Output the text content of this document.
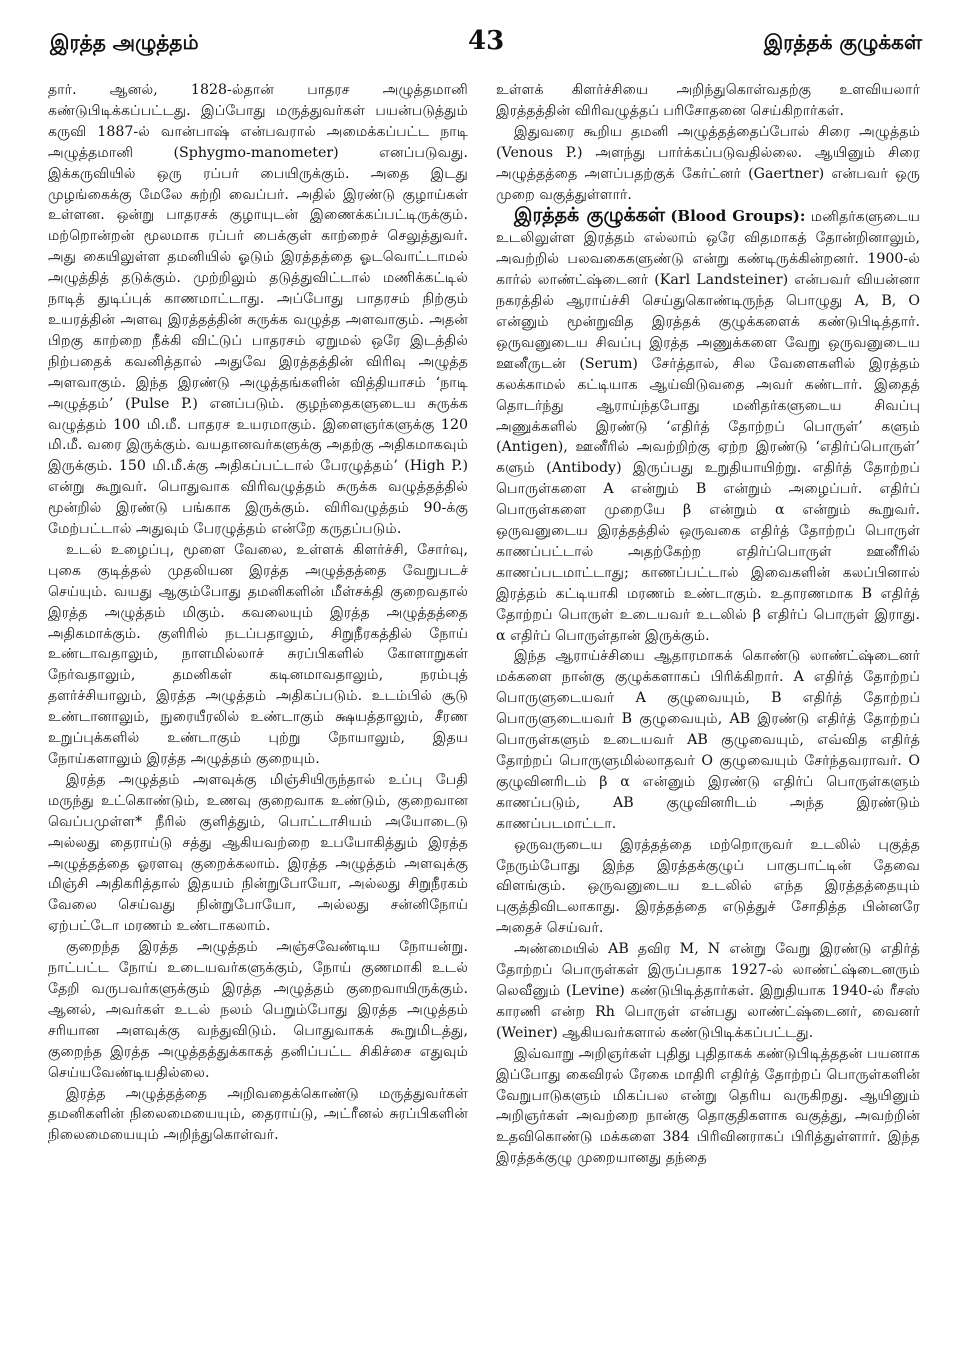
இரத்த அழுத்தம்	43	இரத்தக் குழுக்கள்

தார். ஆனல், 1828-ல்தான் பாதரச அழுத்தமானி கண்டுபிடிக்கப்பட்டது. இப்போது மருத்துவர்கள் பயன்படுத்தும் கருவி 1887-ல் வான்பாஷ் என்பவரால் அமைக்கப்பட்ட நாடி அழுத்தமானி (Sphygmo-manometer) எனப்படுவது. இக்கருவியில் ஒரு ரப்பர் பையிருக்கும். அதை இடது முழங்கைக்கு மேலே சுற்றி வைப்பர். அதில் இரண்டு குழாய்கள் உள்ளன. ஒன்று பாதரசக் குழாயுடன் இணைக்கப்பட்டிருக்கும். மற்றொன்றன் மூலமாக ரப்பர் பைக்குள் காற்றைச் செலுத்துவர். அது கையிலுள்ள தமனியில் ஓடும் இரத்தத்தை ஓடவொட்டாமல் அழுத்தித் தடுக்கும். முற்றிலும் தடுத்துவிட்டால் மணிக்கட்டில் நாடித் துடிப்புக் காணமாட்டாது. அப்போது பாதரசம் நிற்கும் உயரத்தின் அளவு இரத்தத்தின் சுருக்க வழுத்த அளவாகும். அதன் பிறகு காற்றை நீக்கி விட்டுப் பாதரசம் ஏறுமல் ஒரே இடத்தில் நிற்பதைக் கவனித்தால் அதுவே இரத்தத்தின் விரிவு அழுத்த அளவாகும். இந்த இரண்டு அழுத்தங்களின் வித்தியாசம் ‘நாடி அழுத்தம்’ (Pulse P.) எனப்படும். குழந்தைகளுடைய சுருக்க வழுத்தம் 100 மி.மீ. பாதரச உயரமாகும். இளைஞர்களுக்கு 120 மி.மீ. வரை இருக்கும். வயதானவர்களுக்கு அதற்கு அதிகமாகவும் இருக்கும். 150 மி.மீ.க்கு அதிகப்பட்டால் பேரழுத்தம்’ (High P.) என்று கூறுவர். பொதுவாக விரிவழுத்தம் சுருக்க வழுத்தத்தில் மூன்றில் இரண்டு பங்காக இருக்கும். விரிவழுத்தம் 90-க்கு மேற்பட்டால் அதுவும் பேரழுத்தம் என்றே கருதப்படும்.

உடல் உழைப்பு, மூளை வேலை, உள்ளக் கிளர்ச்சி, சோர்வு, புகை குடித்தல் முதலியன இரத்த அழுத்தத்தை வேறுபடச் செய்யும். வயது ஆகும்போது தமனிகளின் மீள்சக்தி குறைவதால் இரத்த அழுத்தம் மிகும். கவலையும் இரத்த அழுத்தத்தை அதிகமாக்கும். குளிரில் நடப்பதாலும், சிறுநீரகத்தில் நோய் உண்டாவதாலும், நாளமில்லாச் சுரப்பிகளில் கோளாறுகள் நேர்வதாலும், தமனிகள் கடினமாவதாலும், நரம்புத் தளர்ச்சியாலும், இரத்த அழுத்தம் அதிகப்படும். உடம்பில் சூடு உண்டானாலும், நுரையீரலில் உண்டாகும் க்ஷயத்தாலும், சீரண உறுப்புக்களில் உண்டாகும் புற்று நோயாலும், இதய நோய்களாலும் இரத்த அழுத்தம் குறையும்.

இரத்த அழுத்தம் அளவுக்கு மிஞ்சியிருந்தால் உப்பு பேதி மருந்து உட்கொண்டும், உணவு குறைவாக உண்டும், குறைவான வெப்பமுள்ள* நீரில் குளித்தும், பொட்டாசியம் அயோடைடு அல்லது தைராய்டு சத்து ஆகியவற்றை உபயோகித்தும் இரத்த அழுத்தத்தை ஓரளவு குறைக்கலாம். இரத்த அழுத்தம் அளவுக்கு மிஞ்சி அதிகரித்தால் இதயம் நின்றுபோயோ, அல்லது சிறுநீரகம் வேலை செய்வது நின்றுபோயோ, அல்லது சன்னிநோய் ஏற்பட்டோ மரணம் உண்டாகலாம்.

குறைந்த இரத்த அழுத்தம் அஞ்சவேண்டிய நோயன்று. நாட்பட்ட நோய் உடையவர்களுக்கும், நோய் குணமாகி உடல் தேறி வருபவர்களுக்கும் இரத்த அழுத்தம் குறைவாயிருக்கும். ஆனல், அவர்கள் உடல் நலம் பெறும்போது இரத்த அழுத்தம் சரியான அளவுக்கு வந்துவிடும். பொதுவாகக் கூறுமிடத்து, குறைந்த இரத்த அழுத்தத்துக்காகத் தனிப்பட்ட சிகிச்சை எதுவும் செய்யவேண்டியதில்லை.

இரத்த அழுத்தத்தை அறிவதைக்கொண்டு மருத்துவர்கள் தமனிகளின் நிலைமையையும், தைராய்டு, அட்ரீனல் சுரப்பிகளின் நிலைமையையும் அறிந்துகொள்வர்.

உள்ளக் கிளர்ச்சியை அறிந்துகொள்வதற்கு உளவியலார் இரத்தத்தின் விரிவழுத்தப் பரிசோதனை செய்கிறார்கள்.

இதுவரை கூறிய தமனி அழுத்தத்தைப்போல் சிரை அழுத்தம் (Venous P.) அளந்து பார்க்கப்படுவதில்லை. ஆயினும் சிரை அழுத்தத்தை அளப்பதற்குக் கேர்ட்னர் (Gaertner) என்பவர் ஒரு முறை வகுத்துள்ளார்.

இரத்தக் குழுக்கள் (Blood Groups): மனிதர்களுடைய உடலிலுள்ள இரத்தம் எல்லாம் ஒரே விதமாகத் தோன்றினாலும், அவற்றில் பலவகைகளுண்டு என்று கண்டிருக்கின்றனர். 1900-ல் கார்ல் லாண்ட்ஷ்டைனர் (Karl Landsteiner) என்பவர் வியன்னா நகரத்தில் ஆராய்ச்சி செய்துகொண்டிருந்த பொழுது A, B, O என்னும் மூன்றுவித இரத்தக் குழுக்களைக் கண்டுபிடித்தார். ஒருவனுடைய சிவப்பு இரத்த அணுக்களை வேறு ஒருவனுடைய ஊனீருடன் (Serum) சேர்த்தால், சில வேளைகளில் இரத்தம் கலக்காமல் கட்டியாக ஆய்விடுவதை அவர் கண்டார். இதைத் தொடர்ந்து ஆராய்ந்தபோது மனிதர்களுடைய சிவப்பு அணுக்களில் இரண்டு ‘எதிர்த் தோற்றப் பொருள்’ களும் (Antigen), ஊனீரில் அவற்றிற்கு ஏற்ற இரண்டு ‘எதிர்ப்பொருள்’ களும் (Antibody) இருப்பது உறுதியாயிற்று. எதிர்த் தோற்றப் பொருள்களை A என்றும் B என்றும் அழைப்பர். எதிர்ப் பொருள்களை முறையே β என்றும் α என்றும் கூறுவர். ஒருவனுடைய இரத்தத்தில் ஒருவகை எதிர்த் தோற்றப் பொருள் காணப்பட்டால் அதற்கேற்ற எதிர்ப்பொருள் ஊனீரில் காணப்படமாட்டாது; காணப்பட்டால் இவைகளின் கலப்பினால் இரத்தம் கட்டியாகி மரணம் உண்டாகும். உதாரணமாக B எதிர்த் தோற்றப் பொருள் உடையவர் உடலில் β எதிர்ப் பொருள் இராது. α எதிர்ப் பொருள்தான் இருக்கும்.

இந்த ஆராய்ச்சியை ஆதாரமாகக் கொண்டு லாண்ட்ஷ்டைனர் மக்களை நான்கு குழுக்களாகப் பிரிக்கிறார். A எதிர்த் தோற்றப் பொருளுடையவர் A குழுவையும், B எதிர்த் தோற்றப் பொருளுடையவர் B குழுவையும், AB இரண்டு எதிர்த் தோற்றப் பொருள்களும் உடையவர் AB குழுவையும், எவ்வித எதிர்த் தோற்றப் பொருளுமில்லாதவர் O குழுவையும் சேர்ந்தவராவர். O குழுவினரிடம் β α என்னும் இரண்டு எதிர்ப் பொருள்களும் காணப்படும், AB குழுவினரிடம் அந்த இரண்டும் காணப்படமாட்டா.

ஒருவருடைய இரத்தத்தை மற்றொருவர் உடலில் புகுத்த நேரும்போது இந்த இரத்தக்குழுப் பாகுபாட்டின் தேவை விளங்கும். ஒருவனுடைய உடலில் எந்த இரத்தத்தையும் புகுத்திவிடலாகாது. இரத்தத்தை எடுத்துச் சோதித்த பின்னரே அதைச் செய்வர்.

அண்மையில் AB தவிர M, N என்று வேறு இரண்டு எதிர்த் தோற்றப் பொருள்கள் இருப்பதாக 1927-ல் லாண்ட்ஷ்டைனரும் லெவீனும் (Levine) கண்டுபிடித்தார்கள். இறுதியாக 1940-ல் ரீசஸ் காரணி என்ற Rh பொருள் என்பது லாண்ட்ஷ்டைனர், வைனர் (Weiner) ஆகியவர்களால் கண்டுபிடிக்கப்பட்டது.

இவ்வாறு அறிஞர்கள் புதிது புதிதாகக் கண்டுபிடித்ததன் பயனாக இப்போது கைவிரல் ரேகை மாதிரி எதிர்த் தோற்றப் பொருள்களின் வேறுபாடுகளும் மிகப்பல என்று தெரிய வருகிறது. ஆயினும் அறிஞர்கள் அவற்றை நான்கு தொகுதிகளாக வகுத்து, அவற்றின் உதவிகொண்டு மக்களை 384 பிரிவினராகப் பிரித்துள்ளார். இந்த இரத்தக்குழு முறையானது தந்தை
